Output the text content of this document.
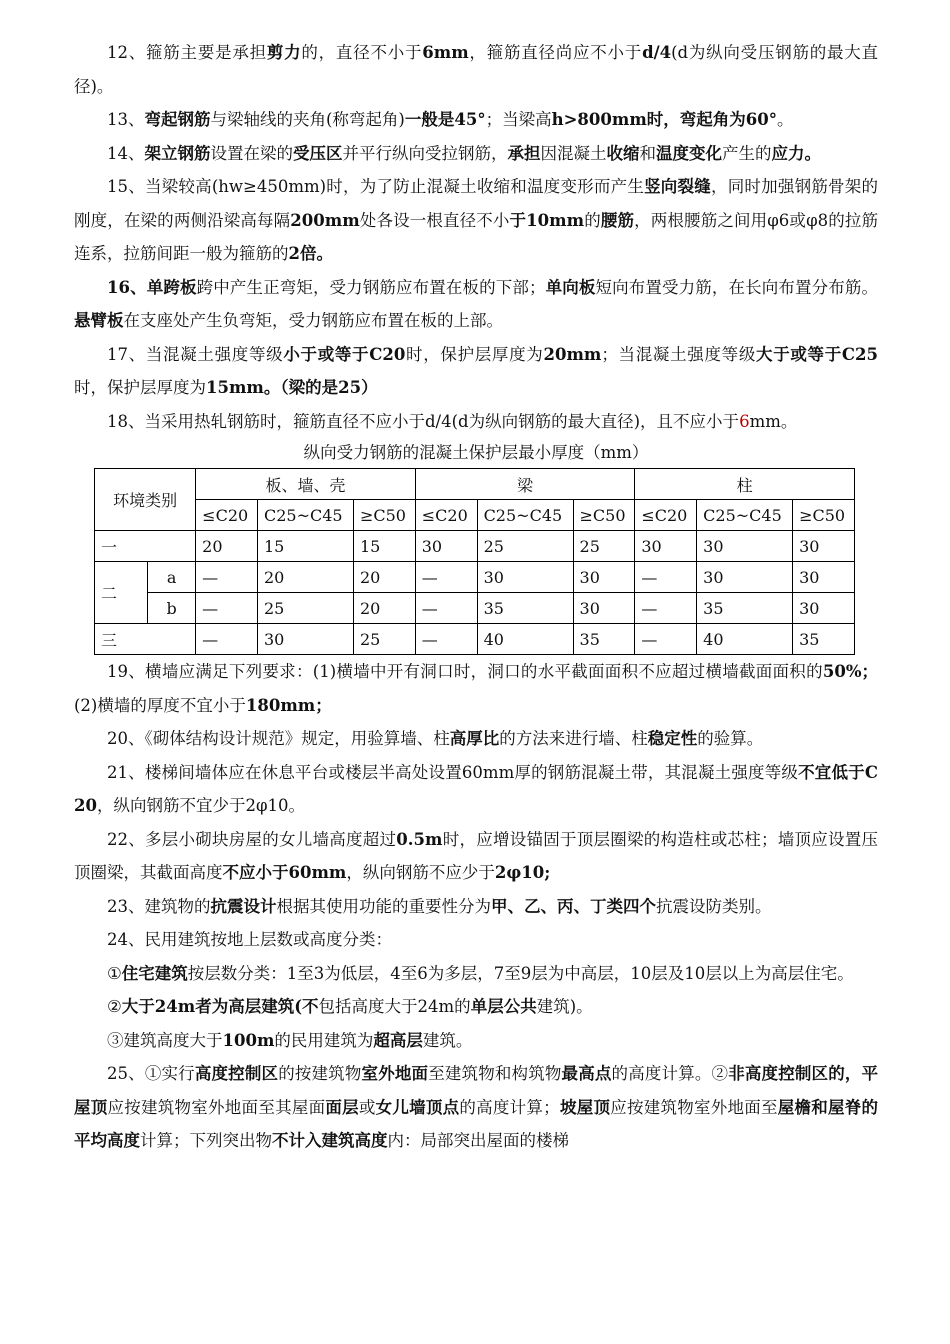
12、箍筋主要是承担剪力的，直径不小于6mm，箍筋直径尚应不小于d/4(d为纵向受压钢筋的最大直径)。

13、弯起钢筋与梁轴线的夹角(称弯起角)一般是45°；当梁高h>800mm时，弯起角为60°。

14、架立钢筋设置在梁的受压区并平行纵向受拉钢筋，承担因混凝土收缩和温度变化产生的应力。

15、当梁较高(hw≥450mm)时，为了防止混凝土收缩和温度变形而产生竖向裂缝，同时加强钢筋骨架的刚度，在梁的两侧沿梁高每隔200mm处各设一根直径不小于10mm的腰筋，两根腰筋之间用φ6或φ8的拉筋连系，拉筋间距一般为箍筋的2倍。

16、单跨板跨中产生正弯矩，受力钢筋应布置在板的下部；单向板短向布置受力筋，在长向布置分布筋。悬臂板在支座处产生负弯矩，受力钢筋应布置在板的上部。

17、当混凝土强度等级小于或等于C20时，保护层厚度为20mm；当混凝土强度等级大于或等于C25时，保护层厚度为15mm。（梁的是25）

18、当采用热轧钢筋时，箍筋直径不应小于d/4(d为纵向钢筋的最大直径)，且不应小于6mm。

纵向受力钢筋的混凝土保护层最小厚度（mm）

环境类别		板、墙、壳			梁			柱		
		≤C20	C25~C45	≥C50	≤C20	C25~C45	≥C50	≤C20	C25~C45	≥C50
一		20	15	15	30	25	25	30	30	30
二	a	—	20	20	—	30	30	—	30	30
	b	—	25	20	—	35	30	—	35	30
三		—	30	25	—	40	35	—	40	35

19、横墙应满足下列要求：(1)横墙中开有洞口时，洞口的水平截面面积不应超过横墙截面面积的50%；(2)横墙的厚度不宜小于180mm；

20、《砌体结构设计规范》规定，用验算墙、柱高厚比的方法来进行墙、柱稳定性的验算。

21、楼梯间墙体应在休息平台或楼层半高处设置60mm厚的钢筋混凝土带，其混凝土强度等级不宜低于C20，纵向钢筋不宜少于2φ10。

22、多层小砌块房屋的女儿墙高度超过0.5m时，应增设锚固于顶层圈梁的构造柱或芯柱；墙顶应设置压顶圈梁，其截面高度不应小于60mm，纵向钢筋不应少于2φ10;

23、建筑物的抗震设计根据其使用功能的重要性分为甲、乙、丙、丁类四个抗震设防类别。

24、民用建筑按地上层数或高度分类：

①住宅建筑按层数分类：1至3为低层，4至6为多层，7至9层为中高层，10层及10层以上为高层住宅。

②大于24m者为高层建筑(不包括高度大于24m的单层公共建筑)。

③建筑高度大于100m的民用建筑为超高层建筑。

25、①实行高度控制区的按建筑物室外地面至建筑物和构筑物最高点的高度计算。②非高度控制区的，平屋顶应按建筑物室外地面至其屋面面层或女儿墙顶点的高度计算；坡屋顶应按建筑物室外地面至屋檐和屋脊的平均高度计算；下列突出物不计入建筑高度内：局部突出屋面的楼梯
